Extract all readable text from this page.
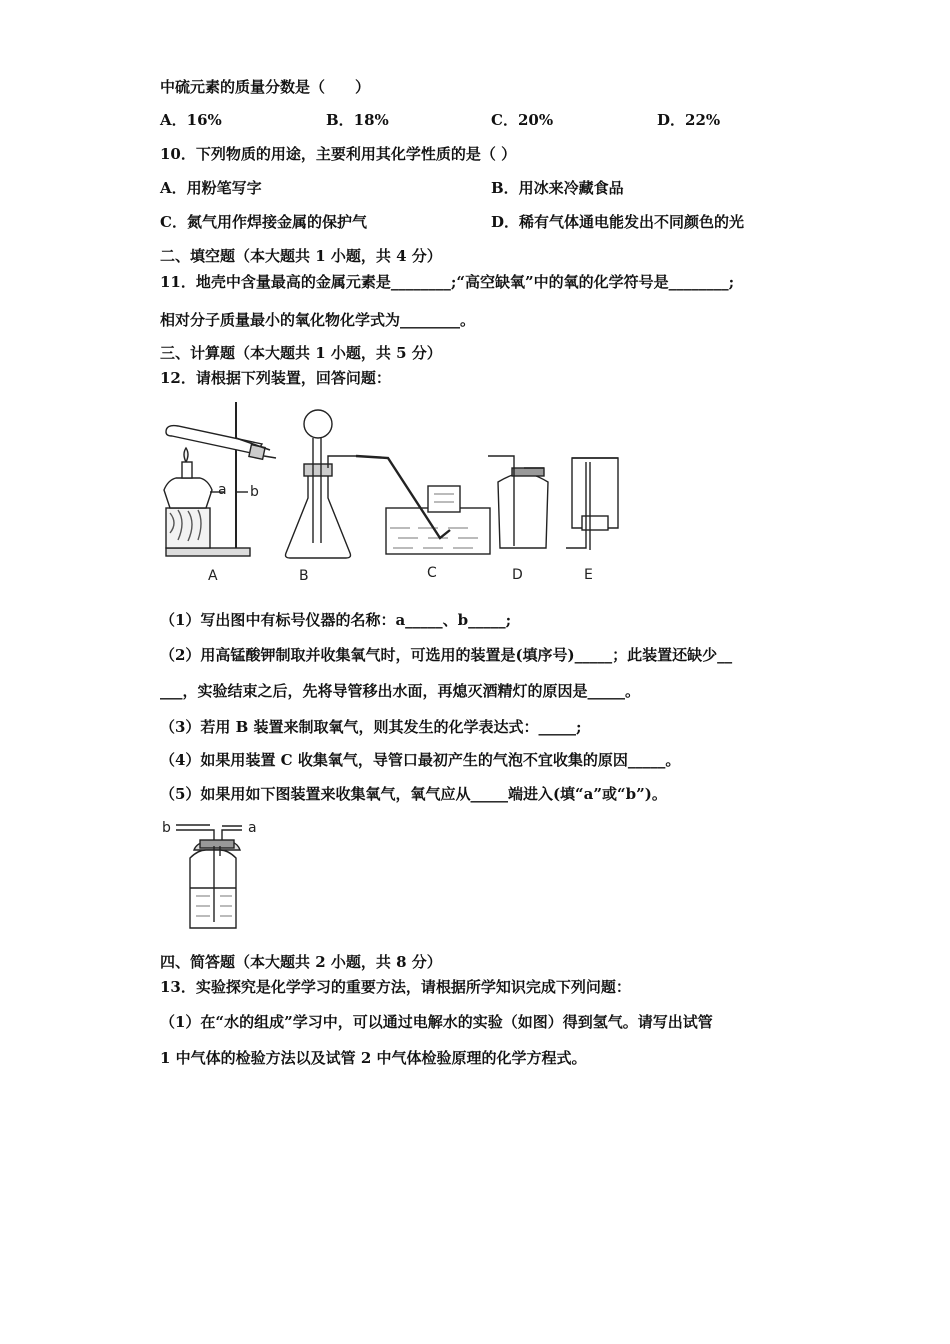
中硫元素的质量分数是（　　）
A．16%	B．18%	C．20%	D．22%
10．下列物质的用途，主要利用其化学性质的是（ ）
A．用粉笔写字	B．用冰来冷藏食品
C．氮气用作焊接金属的保护气	D．稀有气体通电能发出不同颜色的光
二、填空题（本大题共 1 小题，共 4 分）
11．地壳中含量最高的金属元素是________;“高空缺氧”中的氧的化学符号是________;
相对分子质量最小的氧化物化学式为________。
三、计算题（本大题共 1 小题，共 5 分）
12．请根据下列装置，回答问题：
a b
A	B	C	D	E
（1）写出图中有标号仪器的名称：a_____、b_____;
（2）用高锰酸钾制取并收集氧气时，可选用的装置是(填序号)_____；此装置还缺少__
___，实验结束之后，先将导管移出水面，再熄灭酒精灯的原因是_____。
（3）若用 B 装置来制取氧气，则其发生的化学表达式：_____;
（4）如果用装置 C 收集氧气，导管口最初产生的气泡不宜收集的原因_____。
（5）如果用如下图装置来收集氧气，氧气应从_____端进入(填“a”或“b”)。
b	a
四、简答题（本大题共 2 小题，共 8 分）
13．实验探究是化学学习的重要方法，请根据所学知识完成下列问题：
（1）在“水的组成”学习中，可以通过电解水的实验（如图）得到氢气。请写出试管
1 中气体的检验方法以及试管 2 中气体检验原理的化学方程式。
